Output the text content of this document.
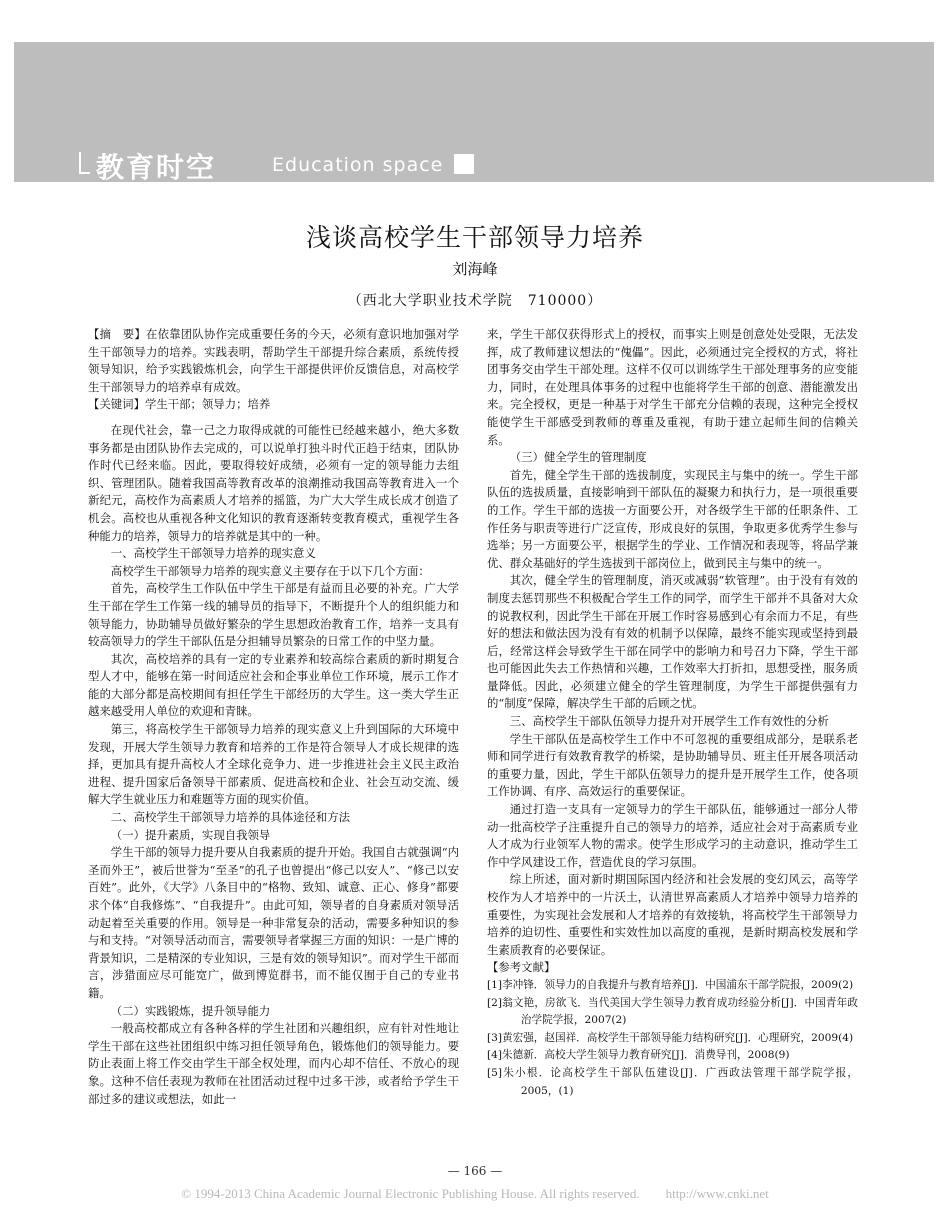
教育时空	Education space
浅谈高校学生干部领导力培养
刘海峰
（西北大学职业技术学院　710000）

【摘　要】在依靠团队协作完成重要任务的今天，必须有意识地加强对学生干部领导力的培养。实践表明，帮助学生干部提升综合素质，系统传授领导知识，给予实践锻炼机会，向学生干部提供评价反馈信息，对高校学生干部领导力的培养卓有成效。

【关键词】学生干部；领导力；培养

在现代社会，靠一己之力取得成就的可能性已经越来越小，绝大多数事务都是由团队协作去完成的，可以说单打独斗时代正趋于结束，团队协作时代已经来临。因此，要取得较好成绩，必须有一定的领导能力去组织、管理团队。随着我国高等教育改革的浪潮推动我国高等教育进入一个新纪元，高校作为高素质人才培养的摇篮，为广大大学生成长成才创造了机会。高校也从重视各种文化知识的教育逐渐转变教育模式，重视学生各种能力的培养，领导力的培养就是其中的一种。

一、高校学生干部领导力培养的现实意义

高校学生干部领导力培养的现实意义主要存在于以下几个方面：

首先，高校学生工作队伍中学生干部是有益而且必要的补充。广大学生干部在学生工作第一线的辅导员的指导下，不断提升个人的组织能力和领导能力，协助辅导员做好繁杂的学生思想政治教育工作，培养一支具有较高领导力的学生干部队伍是分担辅导员繁杂的日常工作的中坚力量。

其次，高校培养的具有一定的专业素养和较高综合素质的新时期复合型人才中，能够在第一时间适应社会和企事业单位工作环境，展示工作才能的大部分都是高校期间有担任学生干部经历的大学生。这一类大学生正越来越受用人单位的欢迎和青睐。

第三，将高校学生干部领导力培养的现实意义上升到国际的大环境中发现，开展大学生领导力教育和培养的工作是符合领导人才成长规律的选择，更加具有提升高校人才全球化竞争力、进一步推进社会主义民主政治进程、提升国家后备领导干部素质、促进高校和企业、社会互动交流、缓解大学生就业压力和难题等方面的现实价值。

二、高校学生干部领导力培养的具体途径和方法

（一）提升素质，实现自我领导

学生干部的领导力提升要从自我素质的提升开始。我国自古就强调“内圣而外王”，被后世誉为“至圣”的孔子也曾提出“修己以安人”、“修己以安百姓”。此外，《大学》八条目中的“格物、致知、诚意、正心、修身”都要求个体“自我修炼”、“自我提升”。由此可知，领导者的自身素质对领导活动起着至关重要的作用。领导是一种非常复杂的活动，需要多种知识的参与和支持。“对领导活动而言，需要领导者掌握三方面的知识：一是广博的背景知识，二是精深的专业知识，三是有效的领导知识”。而对学生干部而言，涉猎面应尽可能宽广，做到博览群书，而不能仅囿于自己的专业书籍。

（二）实践锻炼，提升领导能力

一般高校都成立有各种各样的学生社团和兴趣组织，应有针对性地让学生干部在这些社团组织中练习担任领导角色，锻炼他们的领导能力。要防止表面上将工作交由学生干部全权处理，而内心却不信任、不放心的现象。这种不信任表现为教师在社团活动过程中过多干涉，或者给予学生干部过多的建议或想法，如此一

来，学生干部仅获得形式上的授权，而事实上则是创意处处受限，无法发挥，成了教师建议想法的“傀儡”。因此，必须通过完全授权的方式，将社团事务交由学生干部处理。这样不仅可以训练学生干部处理事务的应变能力，同时，在处理具体事务的过程中也能将学生干部的创意、潜能激发出来。完全授权，更是一种基于对学生干部充分信赖的表现，这种完全授权能使学生干部感受到教师的尊重及重视，有助于建立起师生间的信赖关系。

（三）健全学生的管理制度

首先，健全学生干部的选拔制度，实现民主与集中的统一。学生干部队伍的选拔质量，直接影响到干部队伍的凝聚力和执行力，是一项很重要的工作。学生干部的选拔一方面要公开，对各级学生干部的任职条件、工作任务与职责等进行广泛宣传，形成良好的氛围，争取更多优秀学生参与选举；另一方面要公平，根据学生的学业、工作情况和表现等，将品学兼优、群众基础好的学生选拔到干部岗位上，做到民主与集中的统一。

其次，健全学生的管理制度，消灭或减弱“软管理”。由于没有有效的制度去惩罚那些不积极配合学生工作的同学，而学生干部并不具备对大众的说教权利，因此学生干部在开展工作时容易感到心有余而力不足，有些好的想法和做法因为没有有效的机制予以保障，最终不能实现或坚持到最后，经常这样会导致学生干部在同学中的影响力和号召力下降，学生干部也可能因此失去工作热情和兴趣，工作效率大打折扣，思想受挫，服务质量降低。因此，必须建立健全的学生管理制度，为学生干部提供强有力的“制度”保障，解决学生干部的后顾之忧。

三、高校学生干部队伍领导力提升对开展学生工作有效性的分析

学生干部队伍是高校学生工作中不可忽视的重要组成部分，是联系老师和同学进行有效教育教学的桥梁，是协助辅导员、班主任开展各项活动的重要力量，因此，学生干部队伍领导力的提升是开展学生工作，使各项工作协调、有序、高效运行的重要保证。

通过打造一支具有一定领导力的学生干部队伍，能够通过一部分人带动一批高校学子注重提升自己的领导力的培养，适应社会对于高素质专业人才成为行业领军人物的需求。使学生形成学习的主动意识，推动学生工作中学风建设工作，营造优良的学习氛围。

综上所述，面对新时期国际国内经济和社会发展的变幻风云，高等学校作为人才培养中的一片沃土，认清世界高素质人才培养中领导力培养的重要性，为实现社会发展和人才培养的有效接轨，将高校学生干部领导力培养的迫切性、重要性和实效性加以高度的重视，是新时期高校发展和学生素质教育的必要保证。

【参考文献】

[1]李冲锋．领导力的自我提升与教育培养[J]．中国浦东干部学院报，2009(2)

[2]翁文艳，房欲飞．当代美国大学生领导力教育成功经验分析[J]．中国青年政治学院学报，2007(2)

[3]黄宏强，赵国祥．高校学生干部领导能力结构研究[J]．心理研究，2009(4)

[4]朱德新．高校大学生领导力教育研究[J]．消费导刊，2008(9)

[5]朱小根．论高校学生干部队伍建设[J]．广西政法管理干部学院学报，2005，(1)

— 166 —
© 1994-2013 China Academic Journal Electronic Publishing House. All rights reserved.　　http://www.cnki.net
